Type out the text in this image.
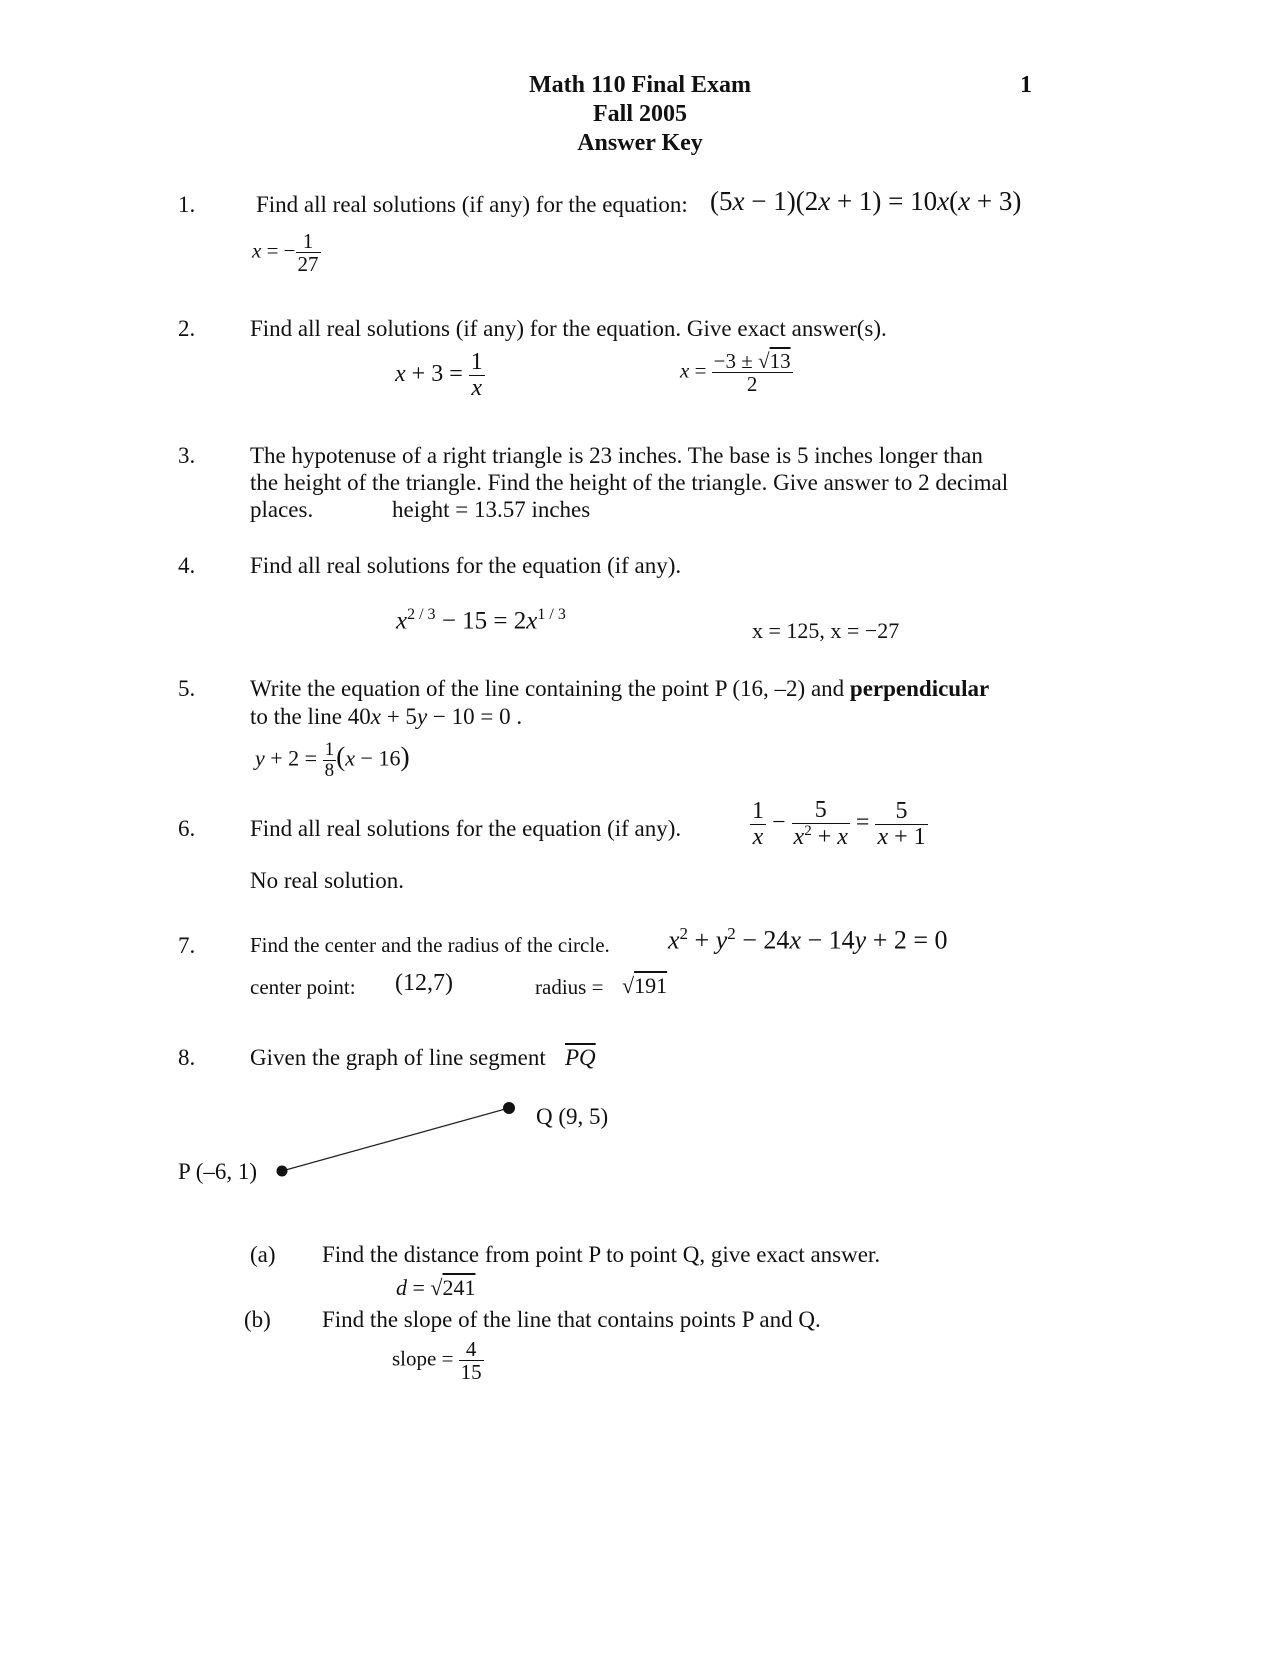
Math 110 Final Exam
Fall 2005
Answer Key
1
1.	Find all real solutions (if any) for the equation: (5x − 1)(2x + 1) = 10x(x + 3)
x = − $\frac{1}{27}$
2. Find all real solutions (if any) for the equation. Give exact answer(s).
$x + 3 = \frac{1}{x}$	$x = \frac{-3 \pm √13}{2}$
3. The hypotenuse of a right triangle is 23 inches. The base is 5 inches longer than
the height of the triangle. Find the height of the triangle. Give answer to 2 decimal
places.	height = 13.57 inches
4. Find all real solutions for the equation (if any).
$x^{2 / 3} - 15 = 2x^{1 / 3}$
x = 125, x = −27
5. Write the equation of the line containing the point P (16, –2) and perpendicular
to the line 40x + 5y − 10 = 0 .
$y + 2 = \frac{1}{8} (x - 16)$
6. Find all real solutions for the equation (if any).	$\frac{1}{x} - \frac{5}{x^2 + x} = \frac{5}{x + 1}$
No real solution.
7.	Find the center and the radius of the circle. $x^2 + y^2 - 24x - 14y + 2 = 0$
center point: (12,7)	radius = √191
8. Given the graph of line segment $\overline{PQ}$
Q (9, 5)
P (–6, 1)
(a) Find the distance from point P to point Q, give exact answer.
d = √241
(b) Find the slope of the line that contains points P and Q.
slope = $\frac{4}{15}$
